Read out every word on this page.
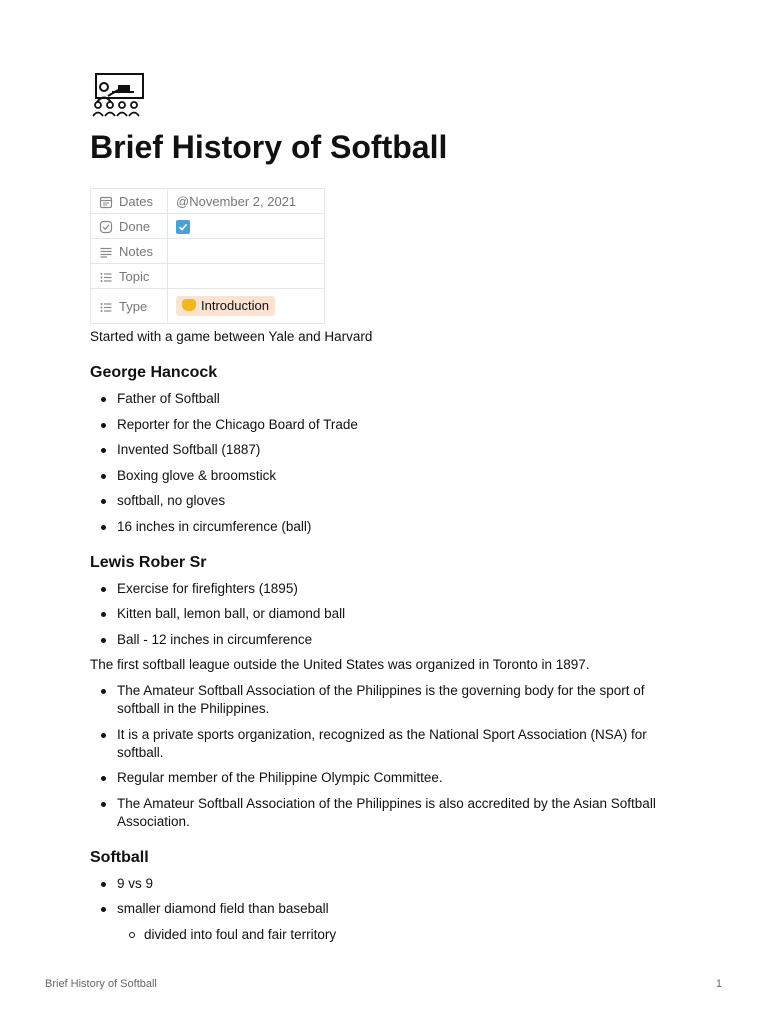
Brief History of Softball
Dates	@November 2, 2021
Done	

Notes	
Topic	
Type	Introduction

Started with a game between Yale and Harvard

George Hancock
Father of Softball
Reporter for the Chicago Board of Trade
Invented Softball (1887)
Boxing glove & broomstick
softball, no gloves
16 inches in circumference (ball)
Lewis Rober Sr
Exercise for firefighters (1895)
Kitten ball, lemon ball, or diamond ball
Ball - 12 inches in circumference

The first softball league outside the United States was organized in Toronto in 1897.

The Amateur Softball Association of the Philippines is the governing body for the sport of softball in the Philippines.
It is a private sports organization, recognized as the National Sport Association (NSA) for softball.
Regular member of the Philippine Olympic Committee.
The Amateur Softball Association of the Philippines is also accredited by the Asian Softball Association.
Softball
9 vs 9
smaller diamond field than baseball
divided into foul and fair territory
Brief History of Softball	1
